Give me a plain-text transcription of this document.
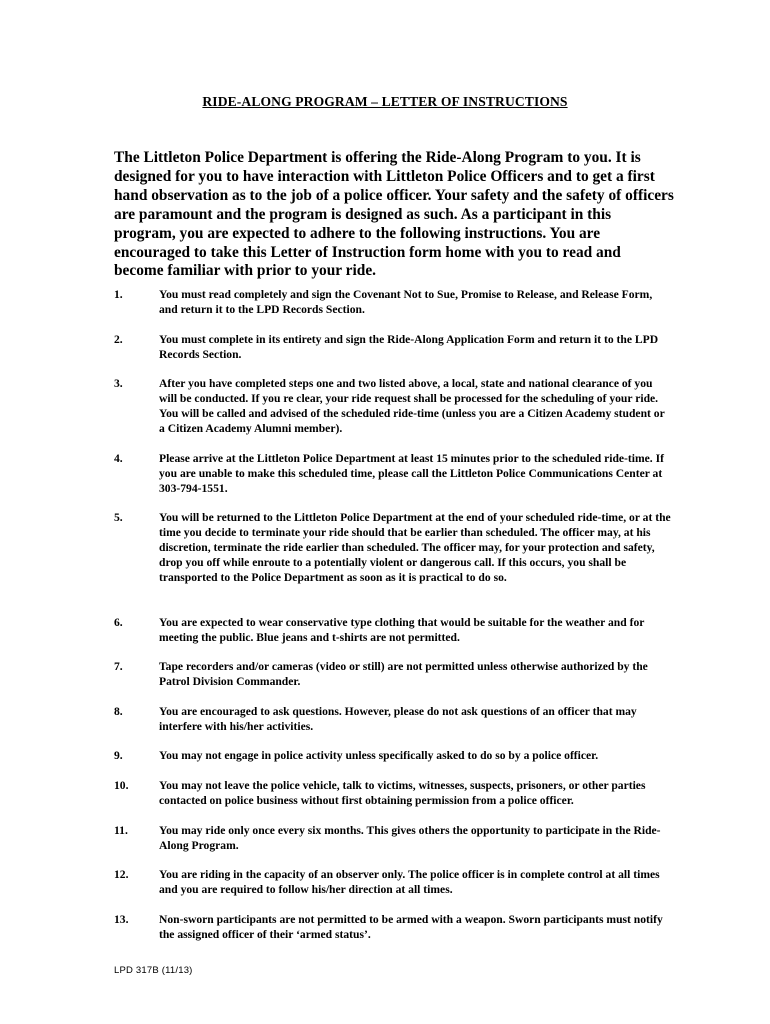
RIDE-ALONG PROGRAM – LETTER OF INSTRUCTIONS

The Littleton Police Department is offering the Ride-Along Program to you. It is designed for you to have interaction with Littleton Police Officers and to get a first hand observation as to the job of a police officer. Your safety and the safety of officers are paramount and the program is designed as such. As a participant in this program, you are expected to adhere to the following instructions. You are encouraged to take this Letter of Instruction form home with you to read and become familiar with prior to your ride.

1.	You must read completely and sign the Covenant Not to Sue, Promise to Release, and Release Form, and return it to the LPD Records Section.
2.	You must complete in its entirety and sign the Ride-Along Application Form and return it to the LPD Records Section.
3.	After you have completed steps one and two listed above, a local, state and national clearance of you will be conducted. If you re clear, your ride request shall be processed for the scheduling of your ride. You will be called and advised of the scheduled ride-time (unless you are a Citizen Academy student or a Citizen Academy Alumni member).
4.	Please arrive at the Littleton Police Department at least 15 minutes prior to the scheduled ride-time. If you are unable to make this scheduled time, please call the Littleton Police Communications Center at 303-794-1551.
5.	You will be returned to the Littleton Police Department at the end of your scheduled ride-time, or at the time you decide to terminate your ride should that be earlier than scheduled. The officer may, at his discretion, terminate the ride earlier than scheduled. The officer may, for your protection and safety, drop you off while enroute to a potentially violent or dangerous call. If this occurs, you shall be transported to the Police Department as soon as it is practical to do so.
6.	You are expected to wear conservative type clothing that would be suitable for the weather and for meeting the public. Blue jeans and t-shirts are not permitted.
7.	Tape recorders and/or cameras (video or still) are not permitted unless otherwise authorized by the Patrol Division Commander.
8.	You are encouraged to ask questions. However, please do not ask questions of an officer that may interfere with his/her activities.
9.	You may not engage in police activity unless specifically asked to do so by a police officer.
10.	You may not leave the police vehicle, talk to victims, witnesses, suspects, prisoners, or other parties contacted on police business without first obtaining permission from a police officer.
11.	You may ride only once every six months. This gives others the opportunity to participate in the Ride-Along Program.
12.	You are riding in the capacity of an observer only. The police officer is in complete control at all times and you are required to follow his/her direction at all times.
13.	Non-sworn participants are not permitted to be armed with a weapon. Sworn participants must notify the assigned officer of their ‘armed status’.
LPD 317B (11/13)
